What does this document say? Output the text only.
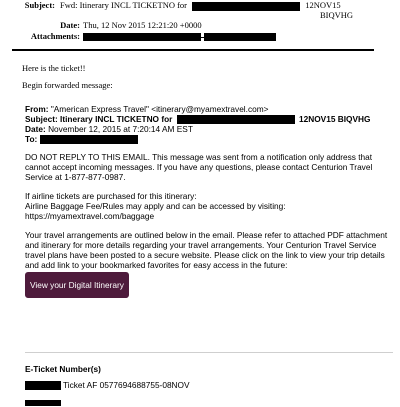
Subject: Fwd: Itinerary INCL TICKETNO for	12NOV15
BIQVHG
Date: Thu, 12 Nov 2015 12:21:20 +0000
Attachments:
Here is the ticket!!
Begin forwarded message:
From: "American Express Travel" <itinerary@myamextravel.com>
Subject: Itinerary INCL TICKETNO for	12NOV15 BIQVHG
Date: November 12, 2015 at 7:20:14 AM EST
To:
DO NOT REPLY TO THIS EMAIL. This message was sent from a notification only address that
cannot accept incoming messages. If you have any questions, please contact Centurion Travel
Service at 1-877-877-0987.
If airline tickets are purchased for this itinerary:
Airline Baggage Fee/Rules may apply and can be accessed by visiting:
https://myamextravel.com/baggage
Your travel arrangements are outlined below in the email. Please refer to attached PDF attachment
and itinerary for more details regarding your travel arrangements. Your Centurion Travel Service
travel plans have been posted to a secure website. Please click on the link to view your trip details
and add link to your bookmarked favorites for easy access in the future:
View your Digital Itinerary
E-Ticket Number(s)
Ticket AF 0577694688755-08NOV
